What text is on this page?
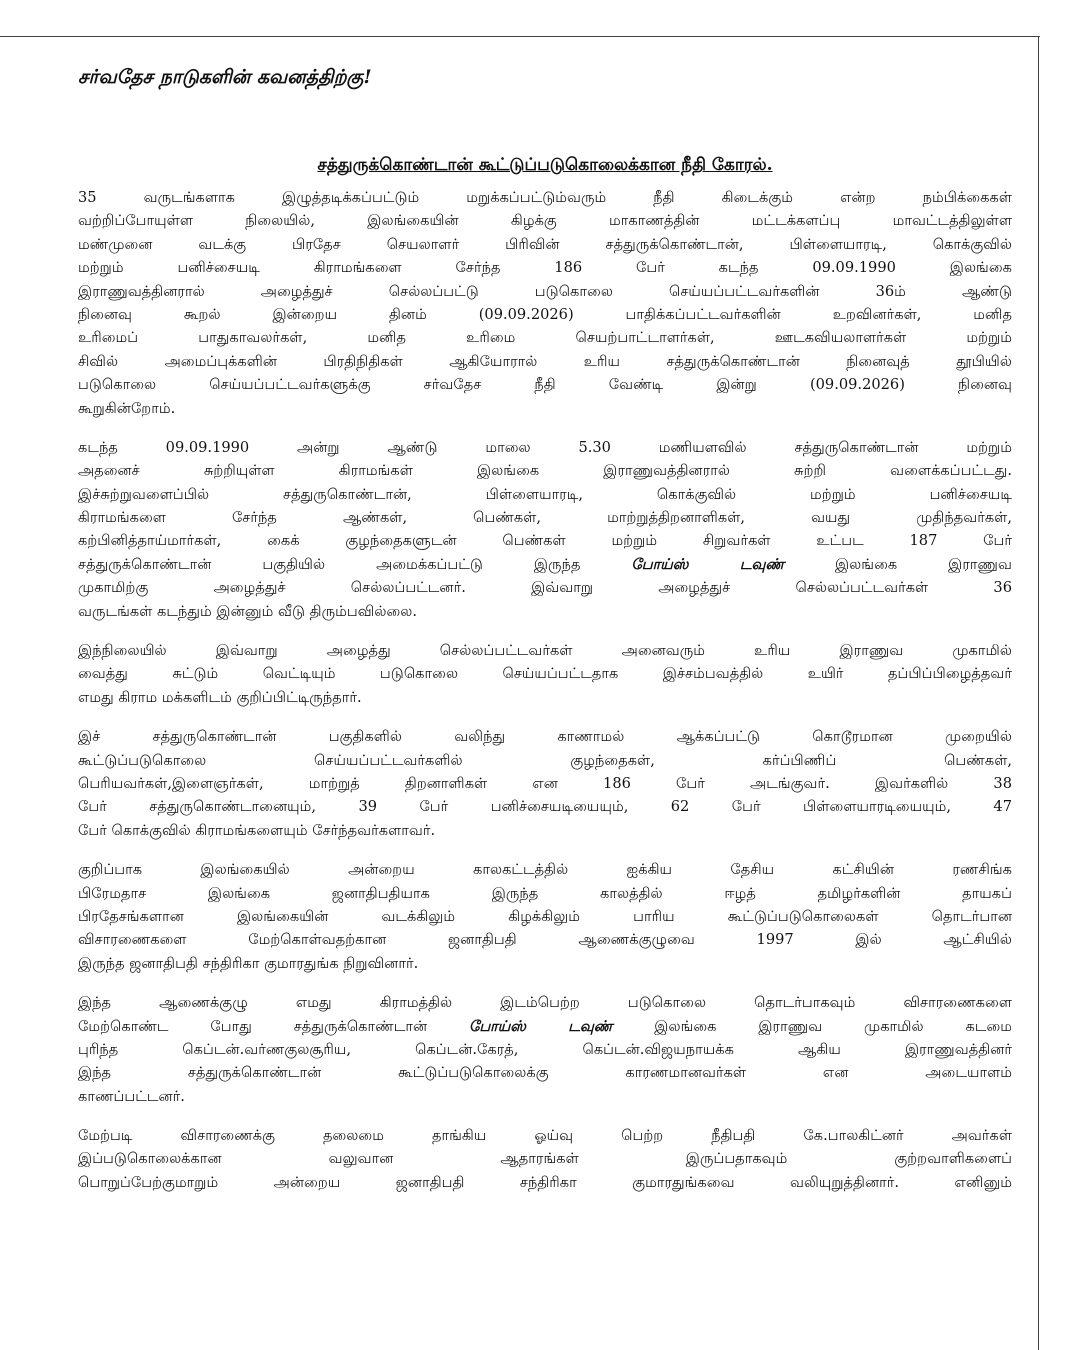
சர்வதேச நாடுகளின் கவனத்திற்கு!
சத்துருக்கொண்டான் கூட்டுப்படுகொலைக்கான நீதி கோரல்.
35 வருடங்களாக இழுத்தடிக்கப்பட்டும் மறுக்கப்பட்டும்வரும் நீதி கிடைக்கும் என்ற நம்பிக்கைகள்
வற்றிப்போயுள்ள நிலையில், இலங்கையின் கிழக்கு மாகாணத்தின் மட்டக்களப்பு மாவட்டத்திலுள்ள
மண்முனை வடக்கு பிரதேச செயலாளர் பிரிவின் சத்துருக்கொண்டான், பிள்ளையாரடி, கொக்குவில்
மற்றும் பனிச்சையடி கிராமங்களை சேர்ந்த 186 பேர் கடந்த 09.09.1990 இலங்கை
இராணுவத்தினரால் அழைத்துச் செல்லப்பட்டு படுகொலை செய்யப்பட்டவர்களின் 36ம் ஆண்டு
நினைவு கூறல் இன்றைய தினம் (09.09.2026) பாதிக்கப்பட்டவர்களின் உறவினர்கள், மனித
உரிமைப் பாதுகாவலர்கள், மனித உரிமை செயற்பாட்டாளர்கள், ஊடகவியலாளர்கள் மற்றும்
சிவில் அமைப்புக்களின் பிரதிநிதிகள் ஆகியோரால் உரிய சத்துருக்கொண்டான் நினைவுத் தூபியில்
படுகொலை செய்யப்பட்டவர்களுக்கு சர்வதேச நீதி வேண்டி இன்று (09.09.2026) நினைவு
கூறுகின்றோம்.
கடந்த 09.09.1990 அன்று ஆண்டு மாலை 5.30 மணியளவில் சத்துருகொண்டான் மற்றும்
அதனைச் சுற்றியுள்ள கிராமங்கள் இலங்கை இராணுவத்தினரால் சுற்றி வளைக்கப்பட்டது.
இச்சுற்றுவளைப்பில் சத்துருகொண்டான், பிள்ளையாரடி, கொக்குவில் மற்றும் பனிச்சையடி
கிராமங்களை சேர்ந்த ஆண்கள், பெண்கள், மாற்றுத்திறனாளிகள், வயது முதிந்தவர்கள்,
கற்பினித்தாய்மார்கள், கைக் குழந்தைகளுடன் பெண்கள் மற்றும் சிறுவர்கள் உட்பட 187 பேர்
சத்துருக்கொண்டான் பகுதியில் அமைக்கப்பட்டு இருந்த போய்ஸ் டவுண் இலங்கை இராணுவ
முகாமிற்கு அழைத்துச் செல்லப்பட்டனர். இவ்வாறு அழைத்துச் செல்லப்பட்டவர்கள் 36
வருடங்கள் கடந்தும் இன்னும் வீடு திரும்பவில்லை.
இந்நிலையில் இவ்வாறு அழைத்து செல்லப்பட்டவர்கள் அனைவரும் உரிய இராணுவ முகாமில்
வைத்து சுட்டும் வெட்டியும் படுகொலை செய்யப்பட்டதாக இச்சம்பவத்தில் உயிர் தப்பிப்பிழைத்தவர்
எமது கிராம மக்களிடம் குறிப்பிட்டிருந்தார்.
இச் சத்துருகொண்டான் பகுதிகளில் வலிந்து காணாமல் ஆக்கப்பட்டு கொடூரமான முறையில்
கூட்டுப்படுகொலை செய்யப்பட்டவர்களில் குழந்தைகள், கர்ப்பிணிப் பெண்கள்,
பெரியவர்கள்,இளைஞர்கள், மாற்றுத் திறனாளிகள் என 186 பேர் அடங்குவர். இவர்களில் 38
பேர் சத்துருகொண்டானையும், 39 பேர் பனிச்சையடியையும், 62 பேர் பிள்ளையாரடியையும், 47
பேர் கொக்குவில் கிராமங்களையும் சேர்ந்தவர்களாவர்.
குறிப்பாக இலங்கையில் அன்றைய காலகட்டத்தில் ஐக்கிய தேசிய கட்சியின் ரணசிங்க
பிரேமதாச இலங்கை ஜனாதிபதியாக இருந்த காலத்தில் ஈழத் தமிழர்களின் தாயகப்
பிரதேசங்களான இலங்கையின் வடக்கிலும் கிழக்கிலும் பாரிய கூட்டுப்படுகொலைகள் தொடர்பான
விசாரணைகளை மேற்கொள்வதற்கான ஜனாதிபதி ஆணைக்குழுவை 1997 இல் ஆட்சியில்
இருந்த ஜனாதிபதி சந்திரிகா குமாரதுங்க நிறுவினார்.
இந்த ஆணைக்குழு எமது கிராமத்தில் இடம்பெற்ற படுகொலை தொடர்பாகவும் விசாரணைகளை
மேற்கொண்ட போது சத்துருக்கொண்டான் போய்ஸ் டவுண் இலங்கை இராணுவ முகாமில் கடமை
புரிந்த கெப்டன்.வர்ணகுலசூரிய, கெப்டன்.கேரத், கெப்டன்.விஜயநாயக்க ஆகிய இராணுவத்தினர்
இந்த சத்துருக்கொண்டான் கூட்டுப்படுகொலைக்கு காரணமானவர்கள் என அடையாளம்
காணப்பட்டனர்.
மேற்படி விசாரணைக்கு தலைமை தாங்கிய ஓய்வு பெற்ற நீதிபதி கே.பாலகிட்னர் அவர்கள்
இப்படுகொலைக்கான வலுவான ஆதாரங்கள் இருப்பதாகவும் குற்றவாளிகளைப்
பொறுப்பேற்குமாறும் அன்றைய ஜனாதிபதி சந்திரிகா குமாரதுங்கவை வலியுறுத்தினார். எனினும்
